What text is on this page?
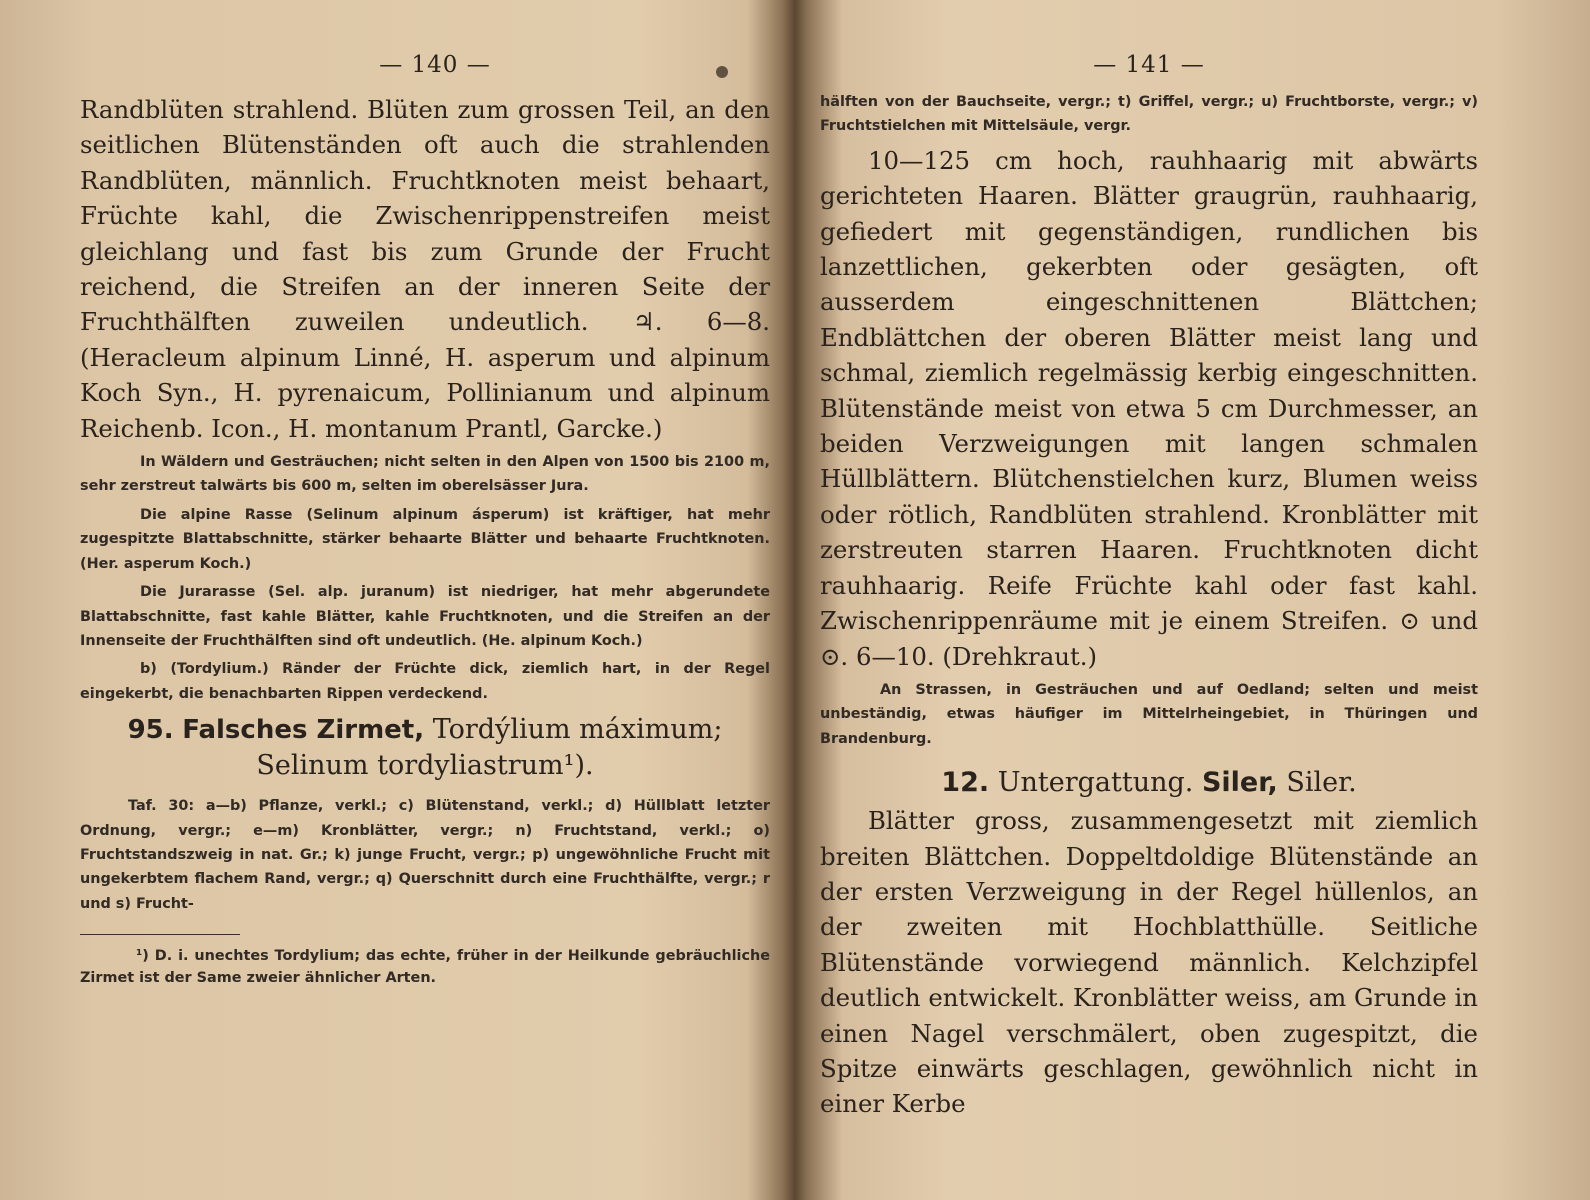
— 140 —

Randblüten strahlend. Blüten zum grossen Teil, an den seitlichen Blütenständen oft auch die strahlenden Randblüten, männlich. Fruchtknoten meist behaart, Früchte kahl, die Zwischenrippenstreifen meist gleichlang und fast bis zum Grunde der Frucht reichend, die Streifen an der inneren Seite der Fruchthälften zuweilen undeutlich. ♃. 6—8. (Heracleum alpinum Linné, H. asperum und alpinum Koch Syn., H. pyrenaicum, Pollinianum und alpinum Reichenb. Icon., H. montanum Prantl, Garcke.)

In Wäldern und Gesträuchen; nicht selten in den Alpen von 1500 bis 2100 m, sehr zerstreut talwärts bis 600 m, selten im oberelsässer Jura.

Die alpine Rasse (Selinum alpinum ásperum) ist kräftiger, hat mehr zugespitzte Blattabschnitte, stärker behaarte Blätter und behaarte Fruchtknoten. (Her. asperum Koch.)

Die Jurarasse (Sel. alp. juranum) ist niedriger, hat mehr abgerundete Blattabschnitte, fast kahle Blätter, kahle Fruchtknoten, und die Streifen an der Innenseite der Fruchthälften sind oft undeutlich. (He. alpinum Koch.)

b) (Tordylium.) Ränder der Früchte dick, ziemlich hart, in der Regel eingekerbt, die benachbarten Rippen verdeckend.

95. Falsches Zirmet, Tordýlium máximum;
Selinum tordyliastrum¹).

Taf. 30: a—b) Pflanze, verkl.; c) Blütenstand, verkl.; d) Hüllblatt letzter Ordnung, vergr.; e—m) Kronblätter, vergr.; n) Fruchtstand, verkl.; o) Fruchtstandszweig in nat. Gr.; k) junge Frucht, vergr.; p) ungewöhnliche Frucht mit ungekerbtem flachem Rand, vergr.; q) Querschnitt durch eine Fruchthälfte, vergr.; r und s) Frucht-

¹) D. i. unechtes Tordylium; das echte, früher in der Heilkunde gebräuchliche Zirmet ist der Same zweier ähnlicher Arten.

— 141 —

hälften von der Bauchseite, vergr.; t) Griffel, vergr.; u) Fruchtborste, vergr.; v) Fruchtstielchen mit Mittelsäule, vergr.

10—125 cm hoch, rauhhaarig mit abwärts gerichteten Haaren. Blätter graugrün, rauhhaarig, gefiedert mit gegenständigen, rundlichen bis lanzettlichen, gekerbten oder gesägten, oft ausserdem eingeschnittenen Blättchen; Endblättchen der oberen Blätter meist lang und schmal, ziemlich regelmässig kerbig eingeschnitten. Blütenstände meist von etwa 5 cm Durchmesser, an beiden Verzweigungen mit langen schmalen Hüllblättern. Blütchenstielchen kurz, Blumen weiss oder rötlich, Randblüten strahlend. Kronblätter mit zerstreuten starren Haaren. Fruchtknoten dicht rauhhaarig. Reife Früchte kahl oder fast kahl. Zwischenrippenräume mit je einem Streifen. ⊙ und ⊙. 6—10. (Drehkraut.)

An Strassen, in Gesträuchen und auf Oedland; selten und meist unbeständig, etwas häufiger im Mittelrheingebiet, in Thüringen und Brandenburg.

12. Untergattung. Siler, Siler.

Blätter gross, zusammengesetzt mit ziemlich breiten Blättchen. Doppeltdoldige Blütenstände an der ersten Verzweigung in der Regel hüllenlos, an der zweiten mit Hochblatthülle. Seitliche Blütenstände vorwiegend männlich. Kelchzipfel deutlich entwickelt. Kronblätter weiss, am Grunde in einen Nagel verschmälert, oben zugespitzt, die Spitze einwärts geschlagen, gewöhnlich nicht in einer Kerbe
